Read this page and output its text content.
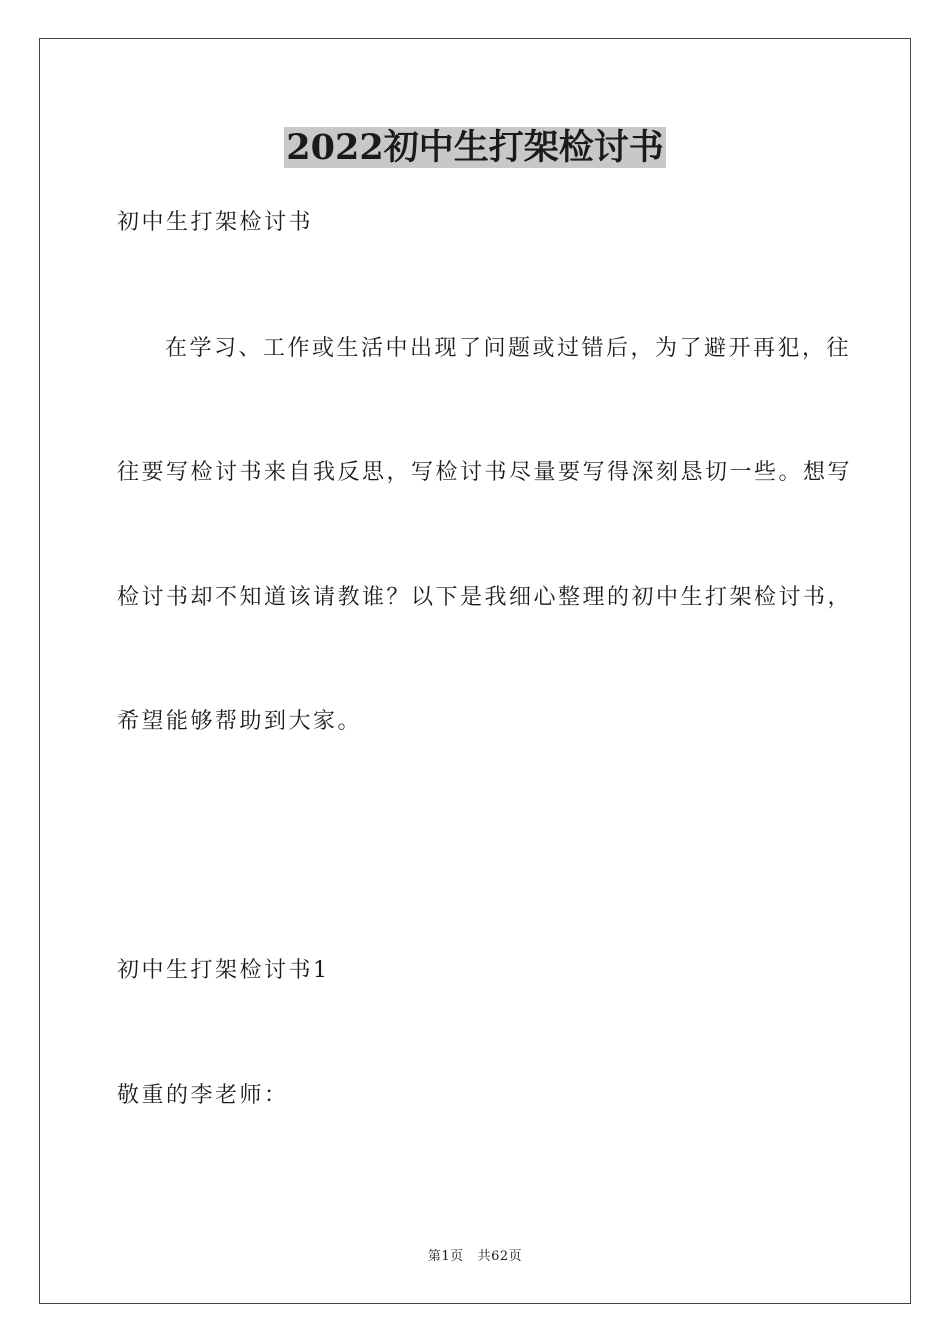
2022初中生打架检讨书
初中生打架检讨书
在学习、工作或生活中出现了问题或过错后，为了避开再犯，往
往要写检讨书来自我反思，写检讨书尽量要写得深刻恳切一些。想写
检讨书却不知道该请教谁？以下是我细心整理的初中生打架检讨书，
希望能够帮助到大家。
初中生打架检讨书1
敬重的李老师：
第1页 共62页
